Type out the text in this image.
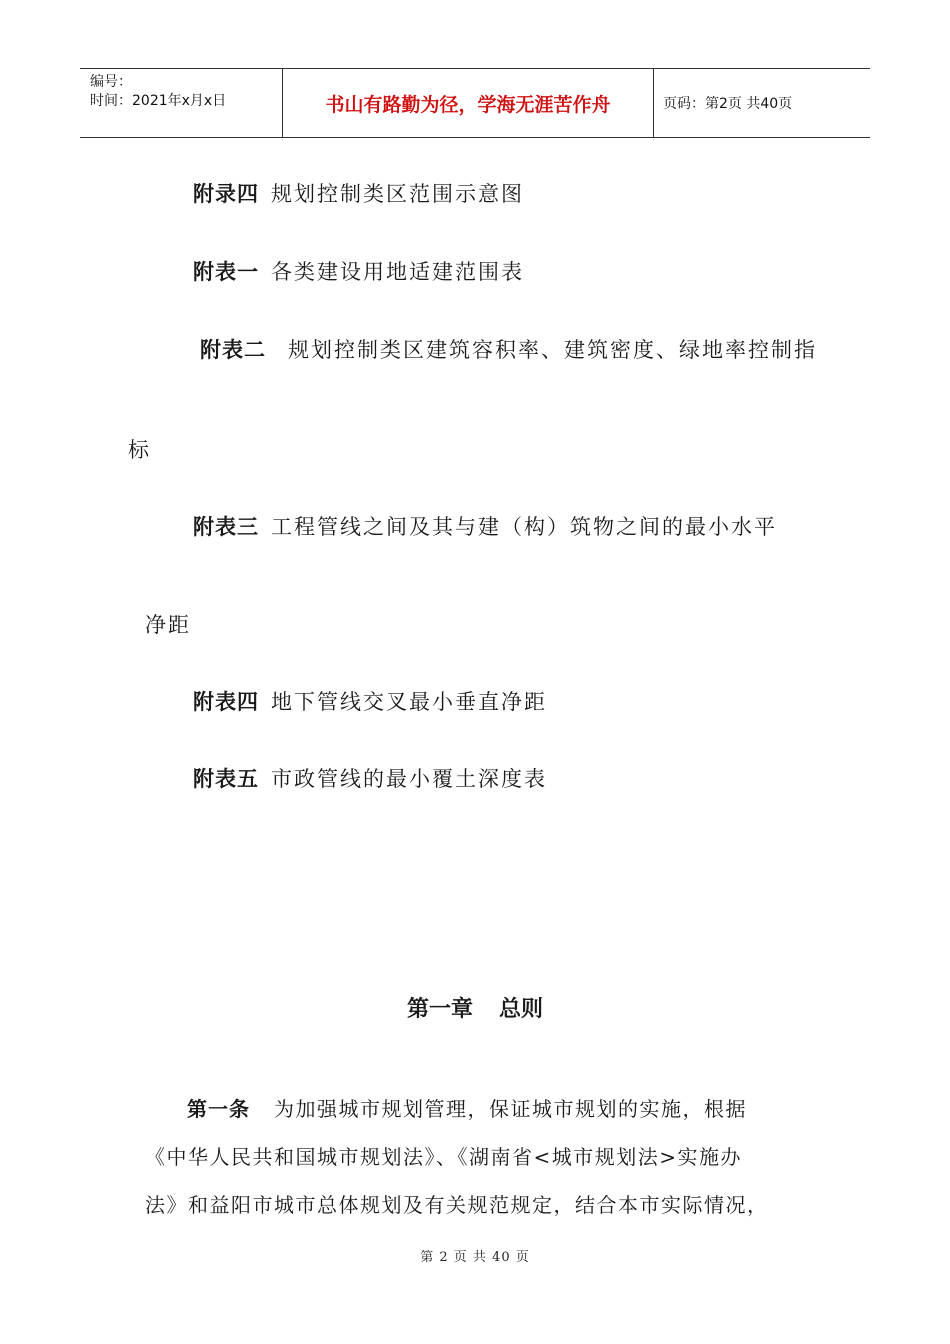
编号：
时间：2021年x月x日	书山有路勤为径，学海无涯苦作舟	页码：第2页 共40页
附录四 规划控制类区范围示意图
附表一 各类建设用地适建范围表
附表二 规划控制类区建筑容积率、建筑密度、绿地率控制指
标
附表三 工程管线之间及其与建（构）筑物之间的最小水平
净距
附表四 地下管线交叉最小垂直净距
附表五 市政管线的最小覆土深度表
第一章 总则
第一条 为加强城市规划管理，保证城市规划的实施，根据
《中华人民共和国城市规划法》、《湖南省<城市规划法>实施办
法》和益阳市城市总体规划及有关规范规定，结合本市实际情况，
第 2 页 共 40 页
